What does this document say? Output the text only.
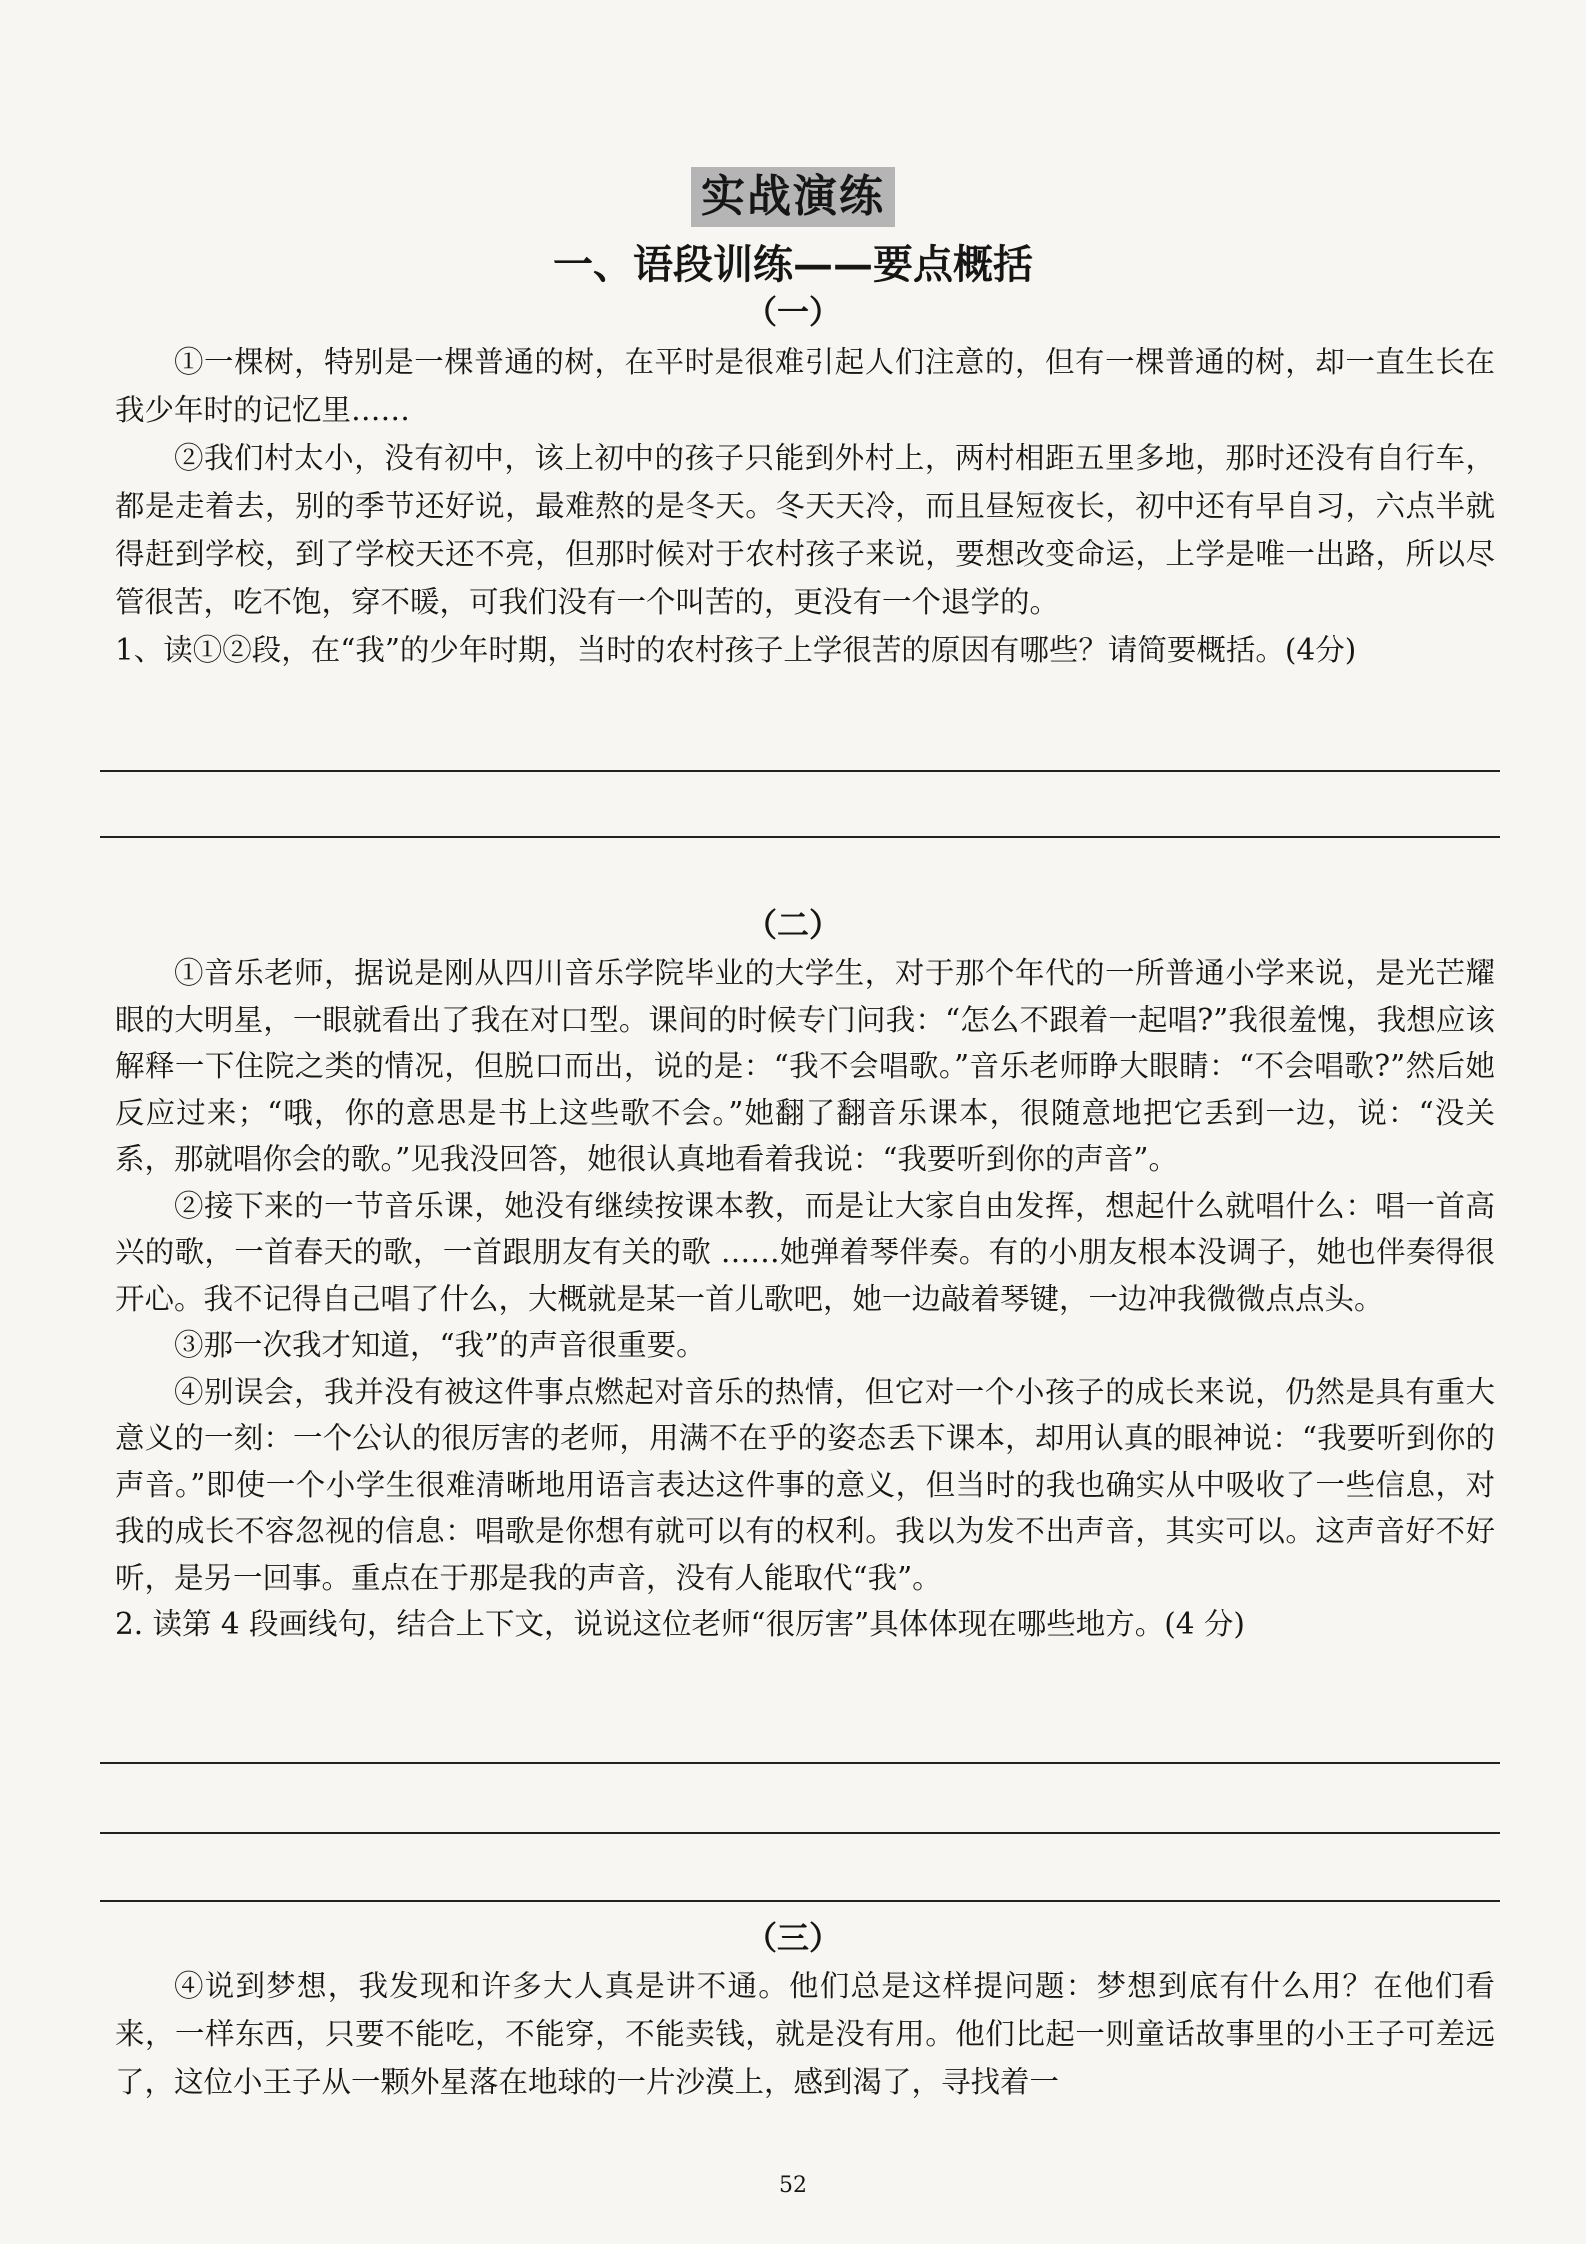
实战演练
一、语段训练——要点概括
（一）

①一棵树，特别是一棵普通的树，在平时是很难引起人们注意的，但有一棵普通的树，却一直生长在我少年时的记忆里……

②我们村太小，没有初中，该上初中的孩子只能到外村上，两村相距五里多地，那时还没有自行车，都是走着去，别的季节还好说，最难熬的是冬天。冬天天冷，而且昼短夜长，初中还有早自习，六点半就得赶到学校，到了学校天还不亮，但那时候对于农村孩子来说，要想改变命运，上学是唯一出路，所以尽管很苦，吃不饱，穿不暖，可我们没有一个叫苦的，更没有一个退学的。

1、读①②段，在“我”的少年时期，当时的农村孩子上学很苦的原因有哪些？请简要概括。(4分)

（二）

①音乐老师，据说是刚从四川音乐学院毕业的大学生，对于那个年代的一所普通小学来说，是光芒耀眼的大明星，一眼就看出了我在对口型。课间的时候专门问我：“怎么不跟着一起唱?”我很羞愧，我想应该解释一下住院之类的情况，但脱口而出，说的是：“我不会唱歌。”音乐老师睁大眼睛：“不会唱歌?”然后她反应过来；“哦，你的意思是书上这些歌不会。”她翻了翻音乐课本，很随意地把它丢到一边，说：“没关系，那就唱你会的歌。”见我没回答，她很认真地看着我说：“我要听到你的声音”。

②接下来的一节音乐课，她没有继续按课本教，而是让大家自由发挥，想起什么就唱什么：唱一首高兴的歌，一首春天的歌，一首跟朋友有关的歌 ……她弹着琴伴奏。有的小朋友根本没调子，她也伴奏得很开心。我不记得自己唱了什么，大概就是某一首儿歌吧，她一边敲着琴键，一边冲我微微点点头。

③那一次我才知道，“我”的声音很重要。

④别误会，我并没有被这件事点燃起对音乐的热情，但它对一个小孩子的成长来说，仍然是具有重大意义的一刻：一个公认的很厉害的老师，用满不在乎的姿态丢下课本，却用认真的眼神说：“我要听到你的声音。”即使一个小学生很难清晰地用语言表达这件事的意义，但当时的我也确实从中吸收了一些信息，对我的成长不容忽视的信息：唱歌是你想有就可以有的权利。我以为发不出声音，其实可以。这声音好不好听，是另一回事。重点在于那是我的声音，没有人能取代“我”。

2. 读第 4 段画线句，结合上下文，说说这位老师“很厉害”具体体现在哪些地方。(4 分)

（三）

④说到梦想，我发现和许多大人真是讲不通。他们总是这样提问题：梦想到底有什么用？在他们看来，一样东西，只要不能吃，不能穿，不能卖钱，就是没有用。他们比起一则童话故事里的小王子可差远了，这位小王子从一颗外星落在地球的一片沙漠上，感到渴了，寻找着一

52
